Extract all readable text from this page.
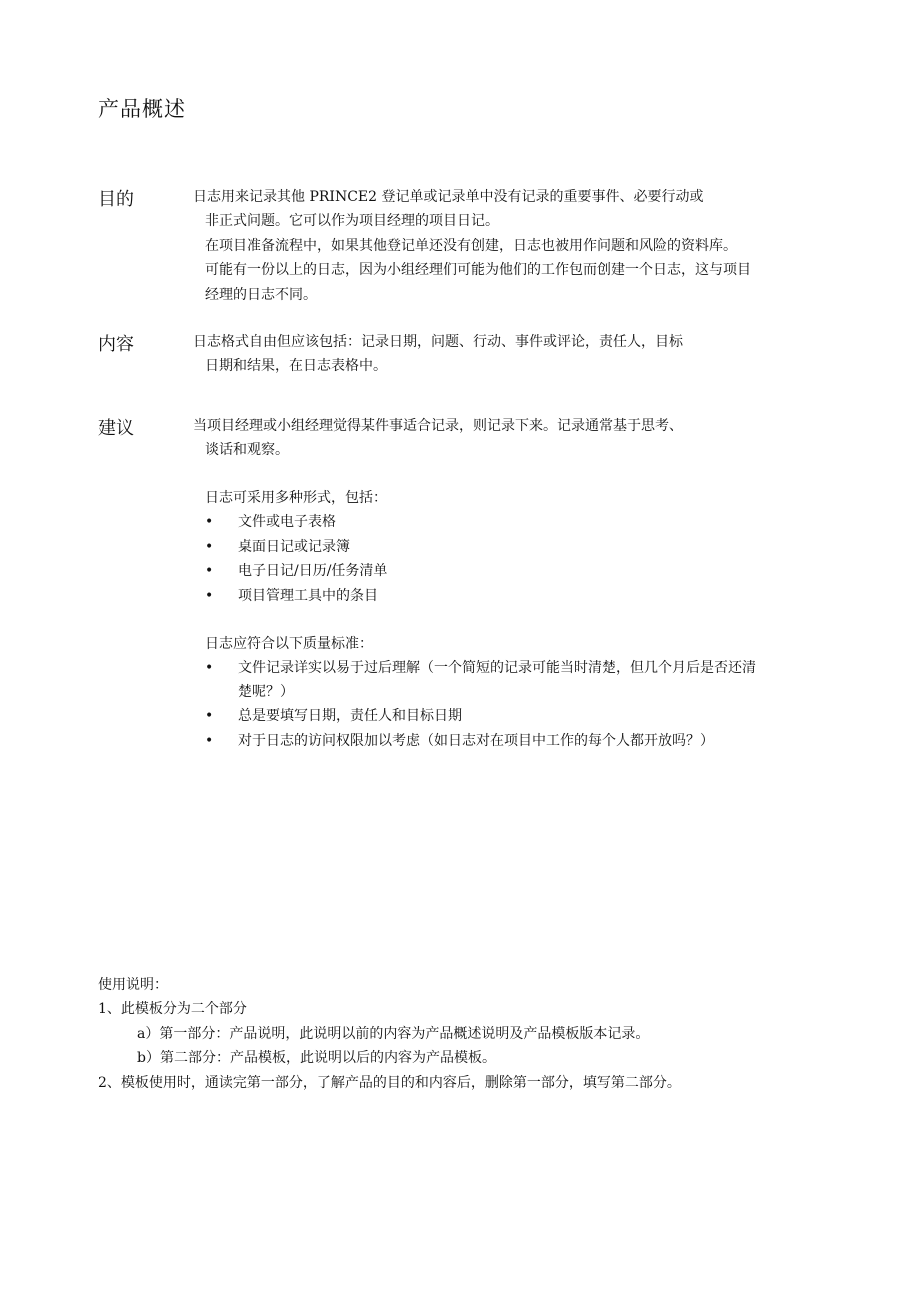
产品概述
目的	日志用来记录其他 PRINCE2 登记单或记录单中没有记录的重要事件、必要行动或
非正式问题。它可以作为项目经理的项目日记。
在项目准备流程中，如果其他登记单还没有创建，日志也被用作问题和风险的资料库。
可能有一份以上的日志，因为小组经理们可能为他们的工作包而创建一个日志，这与项目
经理的日志不同。
内容	日志格式自由但应该包括：记录日期，问题、行动、事件或评论，责任人，目标
日期和结果，在日志表格中。
建议	当项目经理或小组经理觉得某件事适合记录，则记录下来。记录通常基于思考、
谈话和观察。
日志可采用多种形式，包括：
• 文件或电子表格
• 桌面日记或记录簿
• 电子日记/日历/任务清单
• 项目管理工具中的条目
日志应符合以下质量标准：
• 文件记录详实以易于过后理解（一个简短的记录可能当时清楚，但几个月后是否还清
楚呢？）
• 总是要填写日期，责任人和目标日期
• 对于日志的访问权限加以考虑（如日志对在项目中工作的每个人都开放吗？）
使用说明：
1、此模板分为二个部分
a）第一部分：产品说明，此说明以前的内容为产品概述说明及产品模板版本记录。
b）第二部分：产品模板，此说明以后的内容为产品模板。
2、模板使用时，通读完第一部分，了解产品的目的和内容后，删除第一部分，填写第二部分。
